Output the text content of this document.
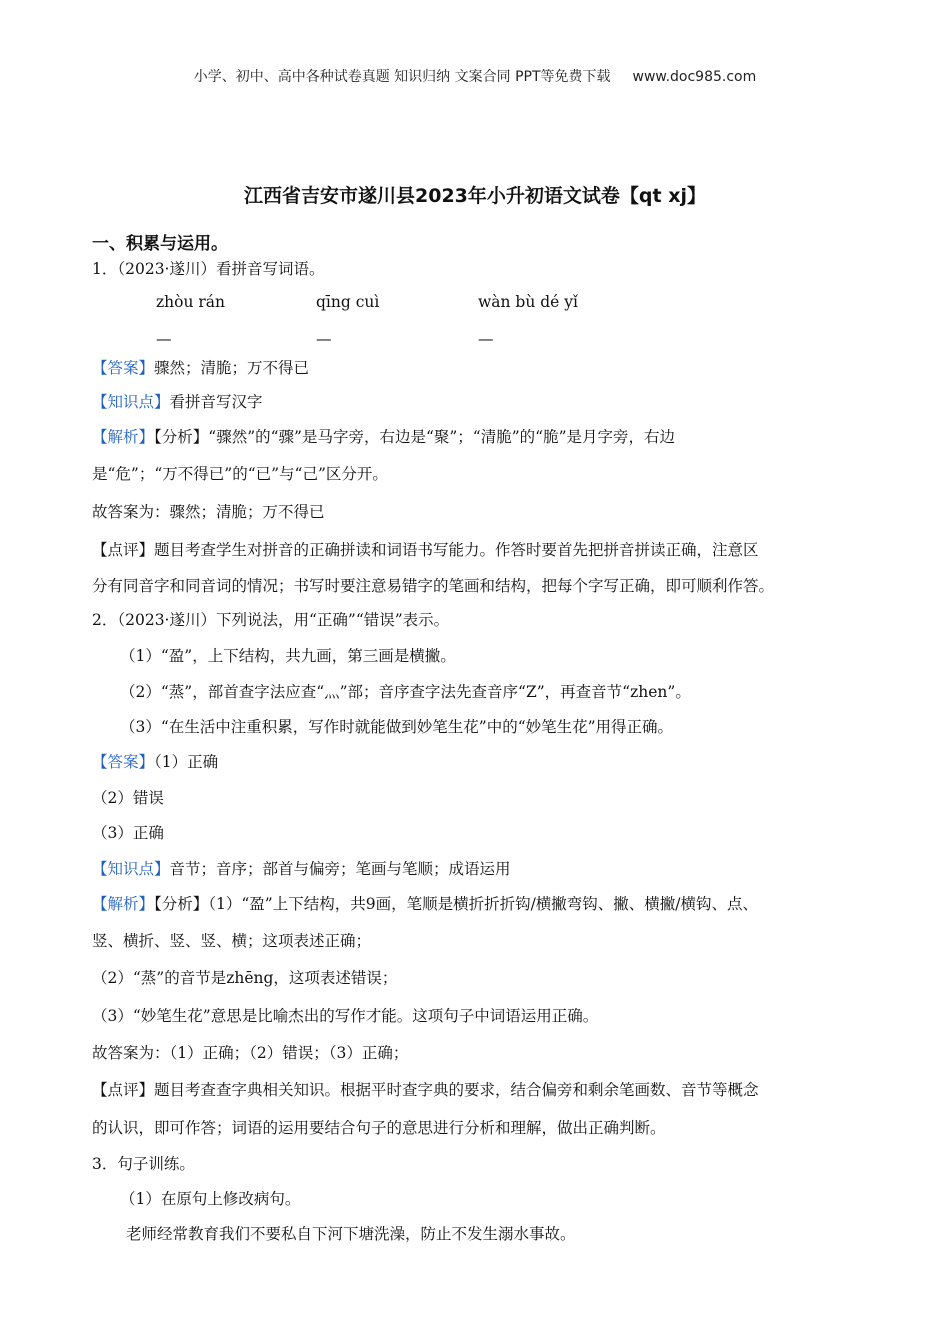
小学、初中、高中各种试卷真题 知识归纳 文案合同 PPT等免费下载 www.doc985.com
江西省吉安市遂川县2023年小升初语文试卷【qt xj】
一、积累与运用。
1．（2023·遂川）看拼音写词语。
zhòu rán	qīng cuì	wàn bù dé yǐ
—	—	—
【答案】骤然；清脆；万不得已
【知识点】看拼音写汉字
【解析】【分析】“骤然”的“骤”是马字旁，右边是“聚”；“清脆”的“脆”是月字旁，右边
是“危”；“万不得已”的“已”与“己”区分开。
故答案为：骤然；清脆；万不得已
【点评】题目考查学生对拼音的正确拼读和词语书写能力。作答时要首先把拼音拼读正确，注意区
分有同音字和同音词的情况；书写时要注意易错字的笔画和结构，把每个字写正确，即可顺利作答。
2．（2023·遂川）下列说法，用“正确”“错误”表示。
（1）“盈”，上下结构，共九画，第三画是横撇。
（2）“蒸”，部首查字法应查“灬”部；音序查字法先查音序“Z”，再查音节“zhen”。
（3）“在生活中注重积累，写作时就能做到妙笔生花”中的“妙笔生花”用得正确。
【答案】（1）正确
（2）错误
（3）正确
【知识点】音节；音序；部首与偏旁；笔画与笔顺；成语运用
【解析】【分析】（1）“盈”上下结构，共9画，笔顺是横折折折钩/横撇弯钩、撇、横撇/横钩、点、
竖、横折、竖、竖、横；这项表述正确；
（2）“蒸”的音节是zhēng，这项表述错误；
（3）“妙笔生花”意思是比喻杰出的写作才能。这项句子中词语运用正确。
故答案为：（1）正确；（2）错误；（3）正确；
【点评】题目考查查字典相关知识。根据平时查字典的要求，结合偏旁和剩余笔画数、音节等概念
的认识，即可作答；词语的运用要结合句子的意思进行分析和理解，做出正确判断。
3．句子训练。
（1）在原句上修改病句。
老师经常教育我们不要私自下河下塘洗澡，防止不发生溺水事故。
